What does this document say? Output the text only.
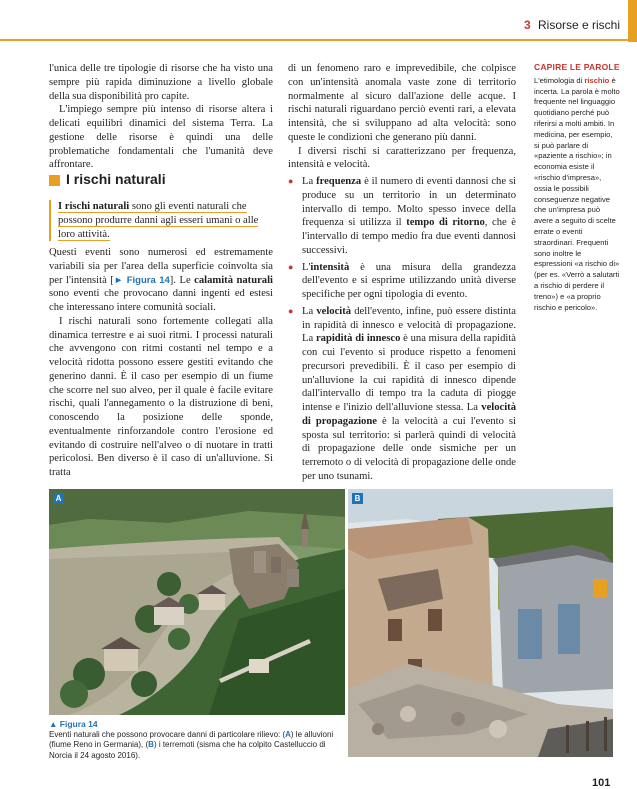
3 Risorse e rischi

l'unica delle tre tipologie di risorse che ha visto una sempre più rapida diminuzione a livello globale della sua disponibilità pro capite.

L'impiego sempre più intenso di risorse altera i delicati equilibri dinamici del sistema Terra. La gestione delle risorse è quindi una delle problematiche fondamentali che l'umanità deve affrontare.

I rischi naturali
I rischi naturali sono gli eventi naturali che possono produrre danni agli esseri umani o alle loro attività.

Questi eventi sono numerosi ed estremamente variabili sia per l'area della superficie coinvolta sia per l'intensità [► Figura 14]. Le calamità naturali sono eventi che provocano danni ingenti ed estesi che interessano intere comunità sociali.

I rischi naturali sono fortemente collegati alla dinamica terrestre e ai suoi ritmi. I processi naturali che avvengono con ritmi costanti nel tempo e a velocità ridotta possono essere gestiti evitando che generino danni. È il caso per esempio di un fiume che scorre nel suo alveo, per il quale è facile evitare rischi, quali l'annegamento o la distruzione di beni, conoscendo la posizione delle sponde, eventualmente rinforzandole contro l'erosione ed evitando di costruire nell'alveo o di nuotare in tratti pericolosi. Ben diverso è il caso di un'alluvione. Si tratta

di un fenomeno raro e imprevedibile, che colpisce con un'intensità anomala vaste zone di territorio normalmente al sicuro dall'azione delle acque. I rischi naturali riguardano perciò eventi rari, a elevata intensità, che si sviluppano ad alta velocità: sono queste le condizioni che generano più danni.

I diversi rischi si caratterizzano per frequenza, intensità e velocità.

● La frequenza è il numero di eventi dannosi che si produce su un territorio in un determinato intervallo di tempo. Molto spesso invece della frequenza si utilizza il tempo di ritorno, che è l'intervallo di tempo medio fra due eventi dannosi successivi.
● L'intensità è una misura della grandezza dell'evento e si esprime utilizzando unità diverse specifiche per ogni tipologia di evento.
● La velocità dell'evento, infine, può essere distinta in rapidità di innesco e velocità di propagazione. La rapidità di innesco è una misura della rapidità con cui l'evento si produce rispetto a fenomeni precursori prevedibili. È il caso per esempio di un'alluvione la cui rapidità di innesco dipende dall'intervallo di tempo tra la caduta di piogge intense e l'inizio dell'alluvione stessa. La velocità di propagazione è la velocità a cui l'evento si sposta sul territorio: si parlerà quindi di velocità di propagazione delle onde sismiche per un terremoto o di velocità di propagazione delle onde per uno tsunami.
CAPIRE LE PAROLE
L'etimologia di rischio è incerta. La parola è molto frequente nel linguaggio quotidiano perché può riferirsi a molti ambiti. In medicina, per esempio, si può parlare di «paziente a rischio»; in economia esiste il «rischio d'impresa», ossia le possibili conseguenze negative che un'impresa può avere a seguito di scelte errate o eventi straordinari. Frequenti sono inoltre le espressioni «a rischio di» (per es. «Verrò a salutarti a rischio di perdere il treno») e «a proprio rischio e pericolo».
A	B
▲ Figura 14
Eventi naturali che possono provocare danni di particolare rilievo: (A) le alluvioni (fiume Reno in Germania), (B) i terremoti (sisma che ha colpito Castelluccio di Norcia il 24 agosto 2016).
101
